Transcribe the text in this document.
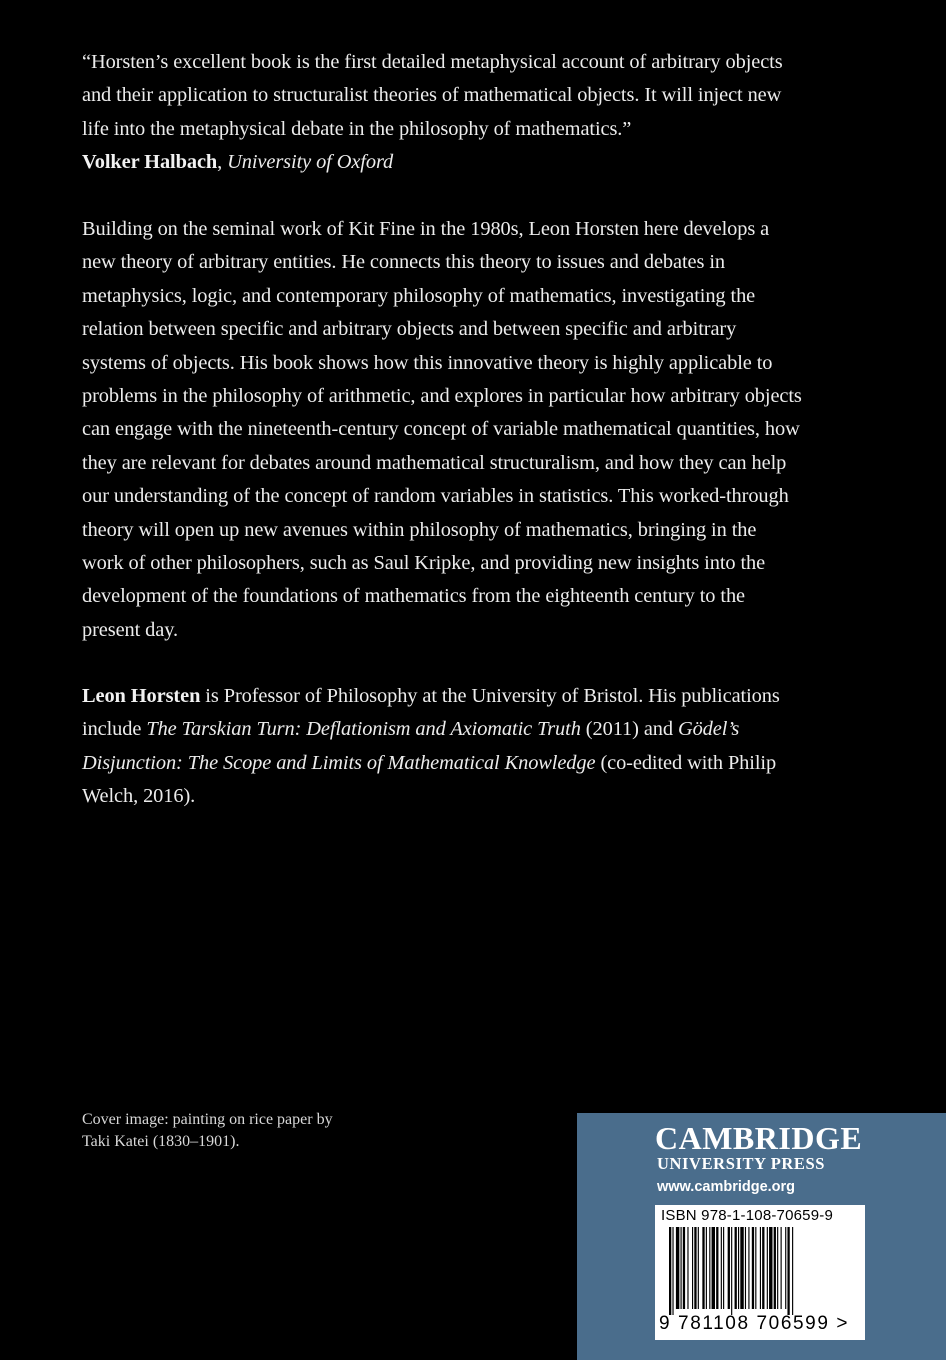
“Horsten’s excellent book is the first detailed metaphysical account of arbitrary objects and their application to structuralist theories of mathematical objects. It will inject new life into the metaphysical debate in the philosophy of mathematics.”
Volker Halbach, University of Oxford

Building on the seminal work of Kit Fine in the 1980s, Leon Horsten here develops a new theory of arbitrary entities. He connects this theory to issues and debates in metaphysics, logic, and contemporary philosophy of mathematics, investigating the relation between specific and arbitrary objects and between specific and arbitrary systems of objects. His book shows how this innovative theory is highly applicable to problems in the philosophy of arithmetic, and explores in particular how arbitrary objects can engage with the nineteenth-century concept of variable mathematical quantities, how they are relevant for debates around mathematical structuralism, and how they can help our understanding of the concept of random variables in statistics. This worked-through theory will open up new avenues within philosophy of mathematics, bringing in the work of other philosophers, such as Saul Kripke, and providing new insights into the development of the foundations of mathematics from the eighteenth century to the present day.

Leon Horsten is Professor of Philosophy at the University of Bristol. His publications include The Tarskian Turn: Deflationism and Axiomatic Truth (2011) and Gödel’s Disjunction: The Scope and Limits of Mathematical Knowledge (co-edited with Philip Welch, 2016).

Cover image: painting on rice paper by
Taki Katei (1830–1901).	CAMBRIDGE
UNIVERSITY PRESS
www.cambridge.org
ISBN 978-1-108-70659-9
9 781108 706599 >
